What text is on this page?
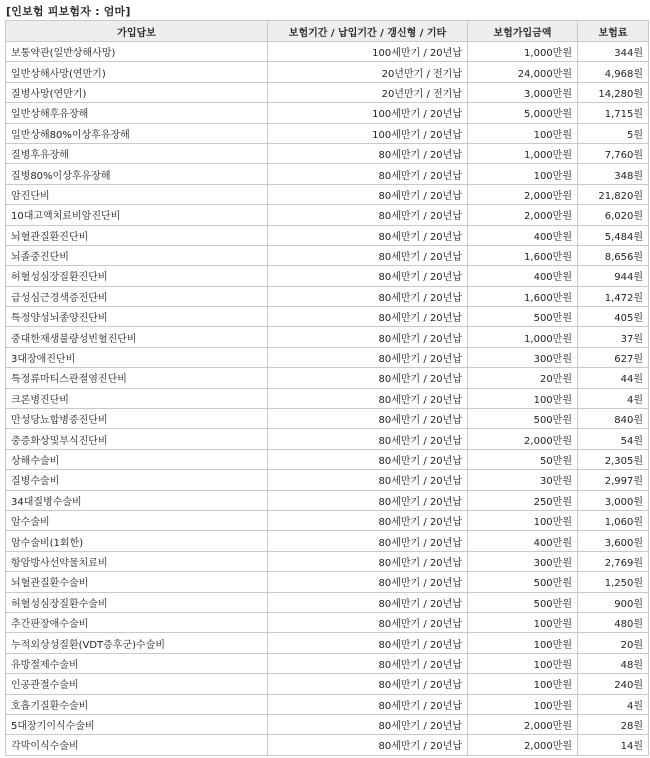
[인보험 피보험자 : 엄마]
가입담보	보험기간 / 납입기간 / 갱신형 / 기타	보험가입금액	보험료
보통약관(일반상해사망)	100세만기 / 20년납	1,000만원	344원
일반상해사망(연만기)	20년만기 / 전기납	24,000만원	4,968원
질병사망(연만기)	20년만기 / 전기납	3,000만원	14,280원
일반상해후유장해	100세만기 / 20년납	5,000만원	1,715원
일반상해80%이상후유장해	100세만기 / 20년납	100만원	5원
질병후유장해	80세만기 / 20년납	1,000만원	7,760원
질병80%이상후유장해	80세만기 / 20년납	100만원	348원
암진단비	80세만기 / 20년납	2,000만원	21,820원
10대고액치료비암진단비	80세만기 / 20년납	2,000만원	6,020원
뇌혈관질환진단비	80세만기 / 20년납	400만원	5,484원
뇌졸중진단비	80세만기 / 20년납	1,600만원	8,656원
허혈성심장질환진단비	80세만기 / 20년납	400만원	944원
급성심근경색증진단비	80세만기 / 20년납	1,600만원	1,472원
특정양성뇌종양진단비	80세만기 / 20년납	500만원	405원
중대한재생불량성빈혈진단비	80세만기 / 20년납	1,000만원	37원
3대장애진단비	80세만기 / 20년납	300만원	627원
특정류마티스관절염진단비	80세만기 / 20년납	20만원	44원
크론병진단비	80세만기 / 20년납	100만원	4원
만성당뇨합병증진단비	80세만기 / 20년납	500만원	840원
중증화상및부식진단비	80세만기 / 20년납	2,000만원	54원
상해수술비	80세만기 / 20년납	50만원	2,305원
질병수술비	80세만기 / 20년납	30만원	2,997원
34대질병수술비	80세만기 / 20년납	250만원	3,000원
암수술비	80세만기 / 20년납	100만원	1,060원
암수술비(1회한)	80세만기 / 20년납	400만원	3,600원
항암방사선약물치료비	80세만기 / 20년납	300만원	2,769원
뇌혈관질환수술비	80세만기 / 20년납	500만원	1,250원
허혈성심장질환수술비	80세만기 / 20년납	500만원	900원
추간판장애수술비	80세만기 / 20년납	100만원	480원
누적외상성질환(VDT증후군)수술비	80세만기 / 20년납	100만원	20원
유방절제수술비	80세만기 / 20년납	100만원	48원
인공관절수술비	80세만기 / 20년납	100만원	240원
호흡기질환수술비	80세만기 / 20년납	100만원	4원
5대장기이식수술비	80세만기 / 20년납	2,000만원	28원
각막이식수술비	80세만기 / 20년납	2,000만원	14원
